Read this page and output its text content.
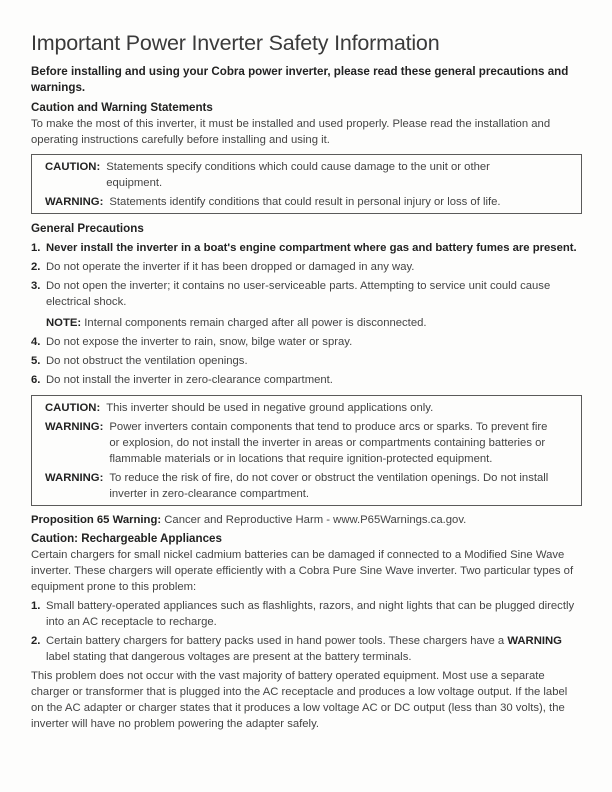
Important Power Inverter Safety Information

Before installing and using your Cobra power inverter, please read these general precautions and warnings.

Caution and Warning Statements

To make the most of this inverter, it must be installed and used properly. Please read the installation and operating instructions carefully before installing and using it.

CAUTION: Statements specify conditions which could cause damage to the unit or other equipment.
WARNING: Statements identify conditions that could result in personal injury or loss of life.

General Precautions

1. Never install the inverter in a boat's engine compartment where gas and battery fumes are present.
2. Do not operate the inverter if it has been dropped or damaged in any way.
3. Do not open the inverter; it contains no user-serviceable parts. Attempting to service unit could cause electrical shock.
NOTE: Internal components remain charged after all power is disconnected.
4. Do not expose the inverter to rain, snow, bilge water or spray.
5. Do not obstruct the ventilation openings.
6. Do not install the inverter in zero-clearance compartment.
CAUTION: This inverter should be used in negative ground applications only.
WARNING: Power inverters contain components that tend to produce arcs or sparks. To prevent fire or explosion, do not install the inverter in areas or compartments containing batteries or flammable materials or in locations that require ignition-protected equipment.
WARNING: To reduce the risk of fire, do not cover or obstruct the ventilation openings. Do not install inverter in zero-clearance compartment.

Proposition 65 Warning: Cancer and Reproductive Harm - www.P65Warnings.ca.gov.

Caution: Rechargeable Appliances

Certain chargers for small nickel cadmium batteries can be damaged if connected to a Modified Sine Wave inverter. These chargers will operate efficiently with a Cobra Pure Sine Wave inverter. Two particular types of equipment prone to this problem:

1. Small battery-operated appliances such as flashlights, razors, and night lights that can be plugged directly into an AC receptacle to recharge.
2. Certain battery chargers for battery packs used in hand power tools. These chargers have a WARNING label stating that dangerous voltages are present at the battery terminals.

This problem does not occur with the vast majority of battery operated equipment. Most use a separate charger or transformer that is plugged into the AC receptacle and produces a low voltage output. If the label on the AC adapter or charger states that it produces a low voltage AC or DC output (less than 30 volts), the inverter will have no problem powering the adapter safely.
